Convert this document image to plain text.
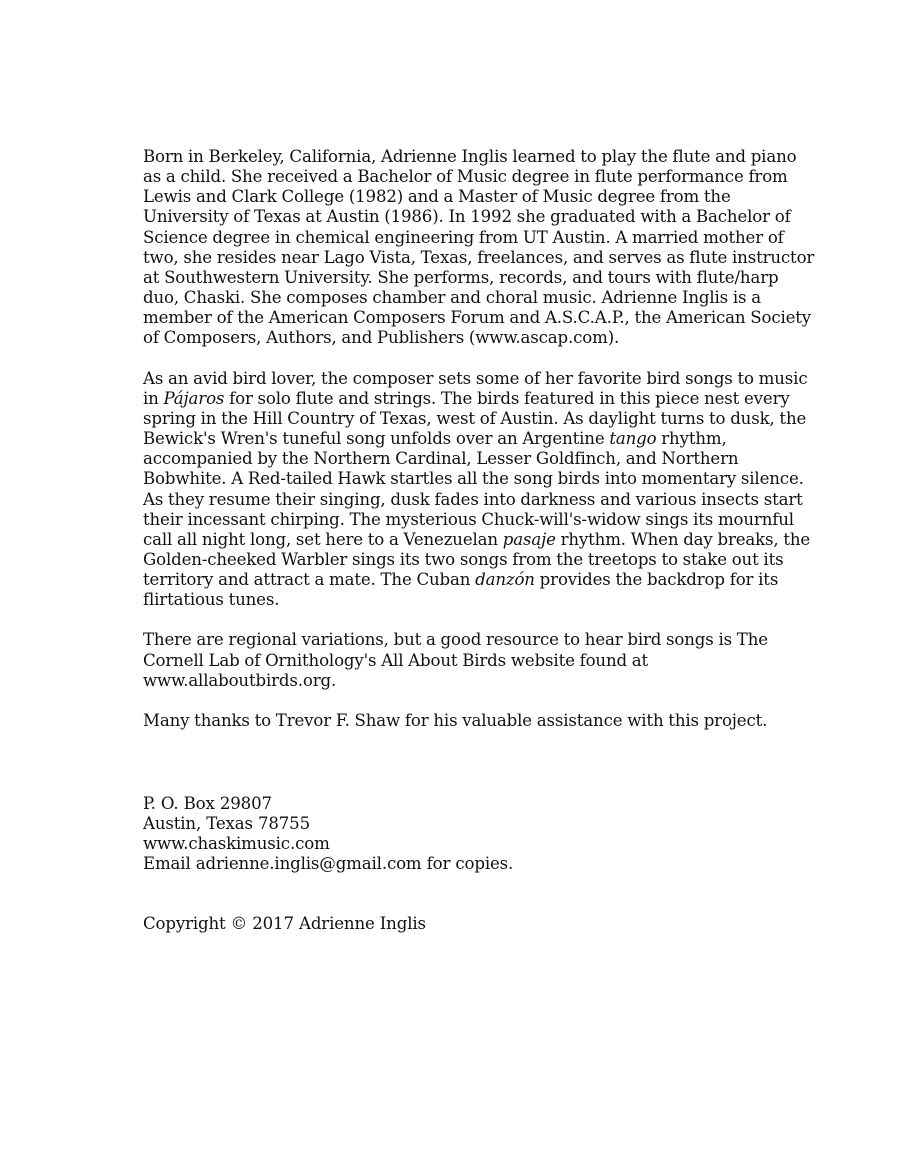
Born in Berkeley, California, Adrienne Inglis learned to play the flute and piano as a child. She received a Bachelor of Music degree in flute performance from Lewis and Clark College (1982) and a Master of Music degree from the University of Texas at Austin (1986). In 1992 she graduated with a Bachelor of Science degree in chemical engineering from UT Austin. A married mother of two, she resides near Lago Vista, Texas, freelances, and serves as flute instructor at Southwestern University. She performs, records, and tours with flute/harp duo, Chaski. She composes chamber and choral music. Adrienne Inglis is a member of the American Composers Forum and A.S.C.A.P., the American Society of Composers, Authors, and Publishers (www.ascap.com).

As an avid bird lover, the composer sets some of her favorite bird songs to music in Pájaros for solo flute and strings. The birds featured in this piece nest every spring in the Hill Country of Texas, west of Austin. As daylight turns to dusk, the Bewick's Wren's tuneful song unfolds over an Argentine tango rhythm, accompanied by the Northern Cardinal, Lesser Goldfinch, and Northern Bobwhite. A Red-tailed Hawk startles all the song birds into momentary silence. As they resume their singing, dusk fades into darkness and various insects start their incessant chirping. The mysterious Chuck-will's-widow sings its mournful call all night long, set here to a Venezuelan pasaje rhythm. When day breaks, the Golden-cheeked Warbler sings its two songs from the treetops to stake out its territory and attract a mate. The Cuban danzón provides the backdrop for its flirtatious tunes.

There are regional variations, but a good resource to hear bird songs is The Cornell Lab of Ornithology's All About Birds website found at www.allaboutbirds.org.

Many thanks to Trevor F. Shaw for his valuable assistance with this project.

P. O. Box 29807

Austin, Texas 78755

www.chaskimusic.com

Email adrienne.inglis@gmail.com for copies.

Copyright © 2017 Adrienne Inglis
